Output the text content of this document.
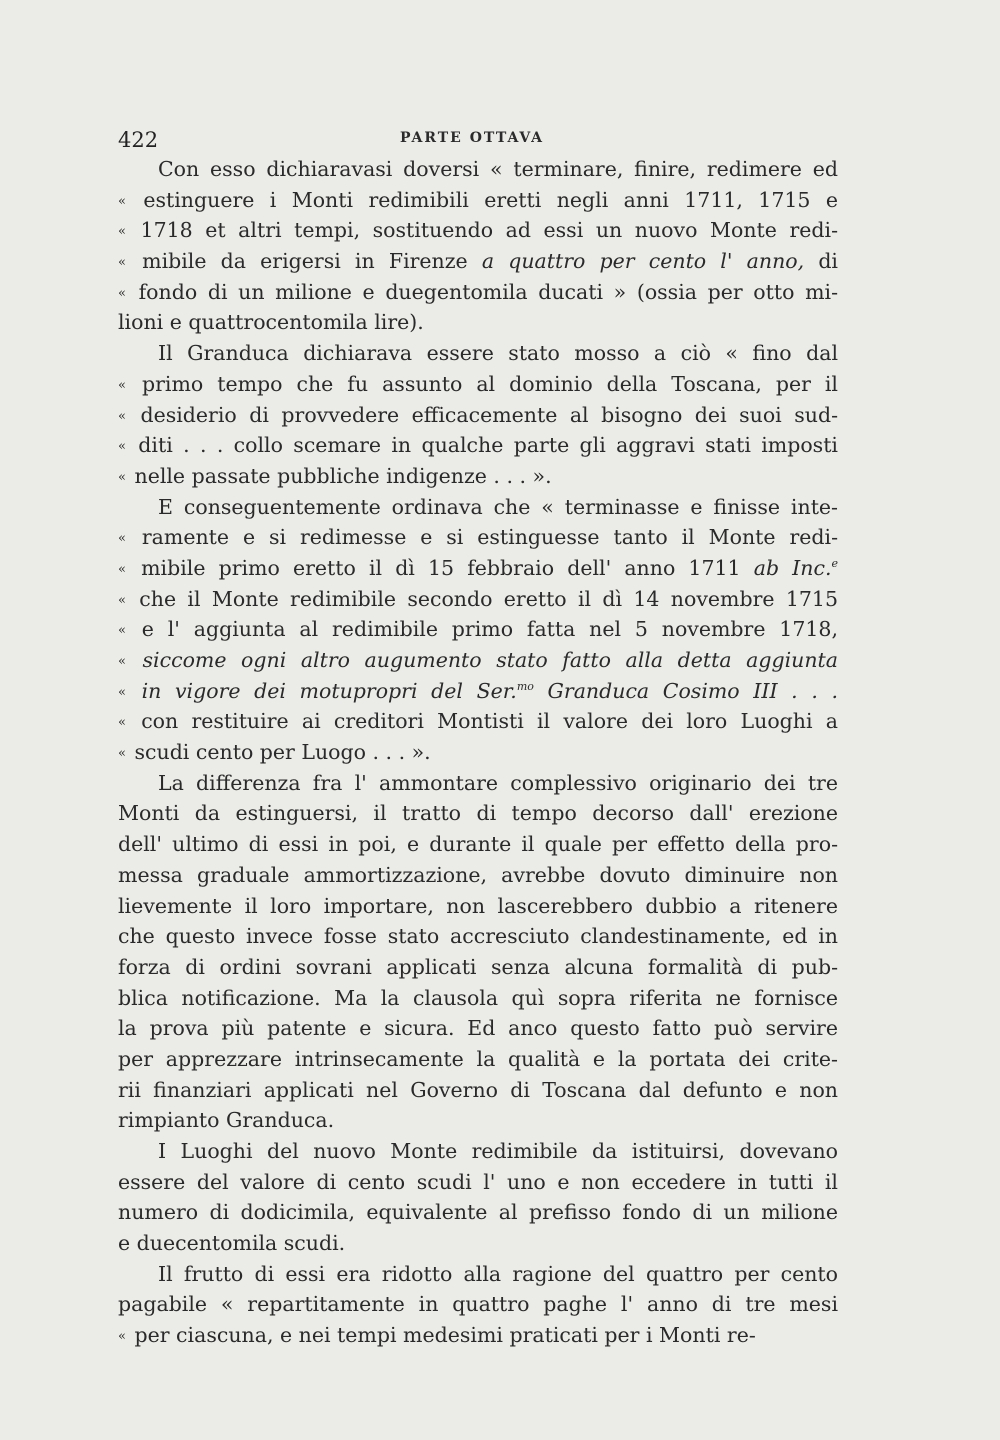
422	PARTE OTTAVA
Con esso dichiaravasi doversi « terminare, finire, redimere ed
« estinguere i Monti redimibili eretti negli anni 1711, 1715 e
« 1718 et altri tempi, sostituendo ad essi un nuovo Monte redi-
« mibile da erigersi in Firenze a quattro per cento l' anno, di
« fondo di un milione e duegentomila ducati » (ossia per otto mi-
lioni e quattrocentomila lire).
Il Granduca dichiarava essere stato mosso a ciò « fino dal
« primo tempo che fu assunto al dominio della Toscana, per il
« desiderio di provvedere efficacemente al bisogno dei suoi sud-
« diti . . . collo scemare in qualche parte gli aggravi stati imposti
« nelle passate pubbliche indigenze . . . ».
E conseguentemente ordinava che « terminasse e finisse inte-
« ramente e si redimesse e si estinguesse tanto il Monte redi-
« mibile primo eretto il dì 15 febbraio dell' anno 1711 ab Inc.$^e$
« che il Monte redimibile secondo eretto il dì 14 novembre 1715
« e l' aggiunta al redimibile primo fatta nel 5 novembre 1718,
« siccome ogni altro augumento stato fatto alla detta aggiunta
« in vigore dei motupropri del Ser.$^{mo}$ Granduca Cosimo III . . .
« con restituire ai creditori Montisti il valore dei loro Luoghi a
« scudi cento per Luogo . . . ».
La differenza fra l' ammontare complessivo originario dei tre
Monti da estinguersi, il tratto di tempo decorso dall' erezione
dell' ultimo di essi in poi, e durante il quale per effetto della pro-
messa graduale ammortizzazione, avrebbe dovuto diminuire non
lievemente il loro importare, non lascerebbero dubbio a ritenere
che questo invece fosse stato accresciuto clandestinamente, ed in
forza di ordini sovrani applicati senza alcuna formalità di pub-
blica notificazione. Ma la clausola quì sopra riferita ne fornisce
la prova più patente e sicura. Ed anco questo fatto può servire
per apprezzare intrinsecamente la qualità e la portata dei crite-
rii finanziari applicati nel Governo di Toscana dal defunto e non
rimpianto Granduca.
I Luoghi del nuovo Monte redimibile da istituirsi, dovevano
essere del valore di cento scudi l' uno e non eccedere in tutti il
numero di dodicimila, equivalente al prefisso fondo di un milione
e duecentomila scudi.
Il frutto di essi era ridotto alla ragione del quattro per cento
pagabile « repartitamente in quattro paghe l' anno di tre mesi
« per ciascuna, e nei tempi medesimi praticati per i Monti re-
